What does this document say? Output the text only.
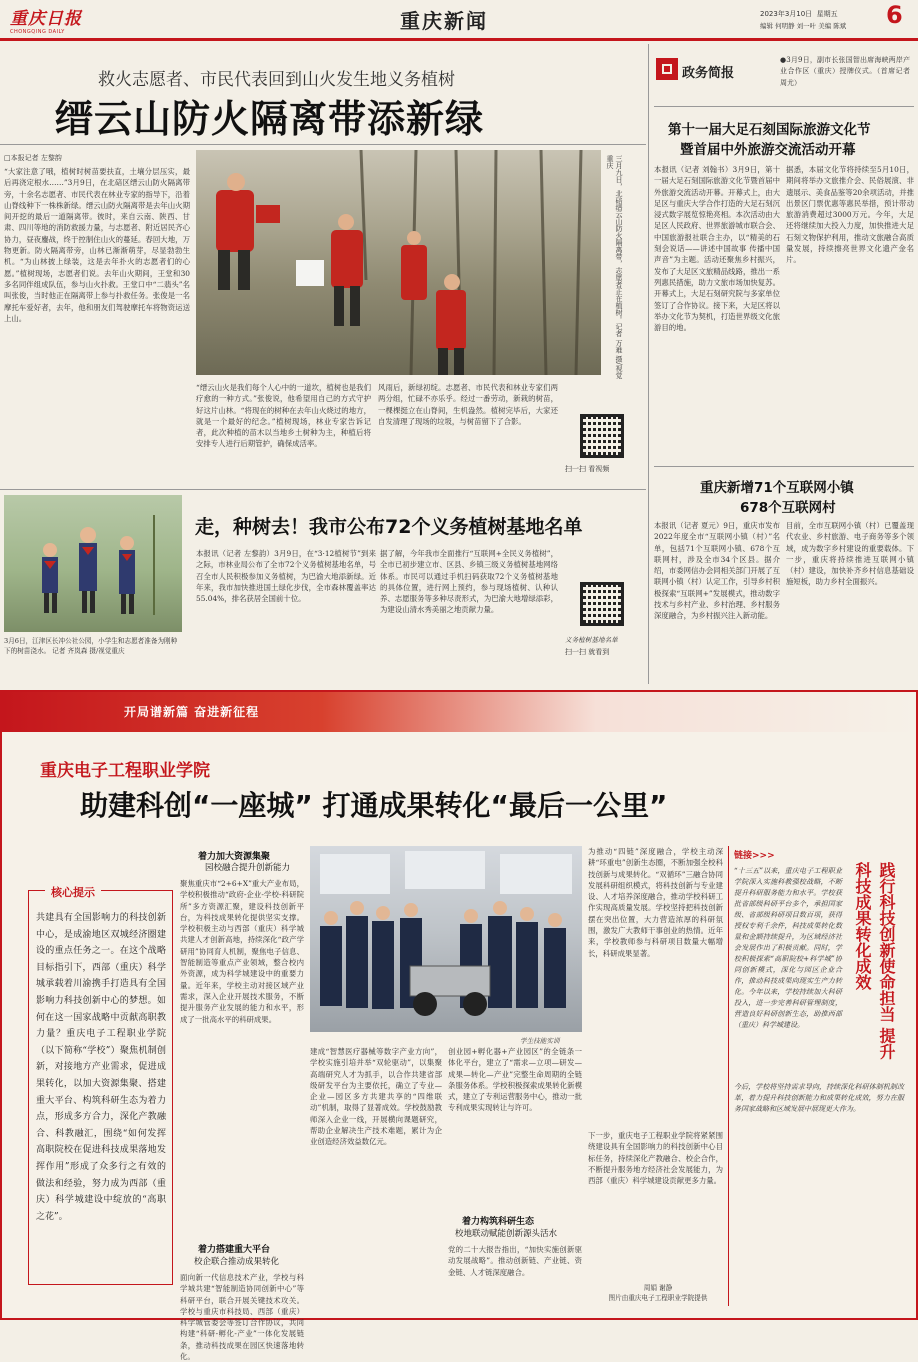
重庆日报
CHONGQING DAILY	重庆新闻	2023年3月10日 星期五
编辑 何明静 刘一叶 美编 陈斌 6
救火志愿者、市民代表回到山火发生地义务植树
缙云山防火隔离带添新绿
□本报记者 左黎韵
“大家注意了哦，植树时树苗要扶直，土壤分层压实，最后再浇定根水……”3月9日，在北碚区缙云山防火隔离带旁，十余名志愿者、市民代表在林业专家的指导下，沿着山脊线种下一株株新绿。缙云山防火隔离带是去年山火期间开挖的最后一道隔离带。彼时，来自云南、陕西、甘肃、四川等地的消防救援力量，与志愿者、附近居民齐心协力，昼夜鏖战，终于控制住山火的蔓延。春回大地，万物更新。防火隔离带旁，山林已渐渐萌芽，尽显勃勃生机。“为山林披上绿装，这是去年扑火的志愿者们的心愿。”植树现场，志愿者们说。去年山火期间，王堂和30多名同伴组成队伍，参与山火扑救。王堂口中“二翡头”名叫张俊，当时他正在隔离带上参与扑救任务。张俊是一名摩托车爱好者，去年，他和朋友们驾驶摩托车将物资运送上山。	三月九日，北碚缙云山防火隔离带，志愿者正在植树。记者 万难 摄/视觉重庆
“缙云山火是我们每个人心中的一道坎，植树也是我们疗愈的一种方式。”张俊说，他希望用自己的方式守护好这片山林。“将现在的树种在去年山火烧过的地方，就是一个最好的纪念。”植树现场，林业专家告诉记者，此次种植的苗木以当地乡土树种为主，种植后将安排专人进行后期管护，确保成活率。
风雨后，新绿初绽。志愿者、市民代表和林业专家们两两分组，忙碌不亦乐乎。经过一番劳动，新栽的树苗，一棵棵挺立在山脊间，生机盎然。植树完毕后，大家还自发清理了现场的垃圾，与树苗留下了合影。
扫一扫 看视频
3月6日，江津区长冲公社公园，小学生和志愿者准备为刚种下的树苗浇水。 记者 齐岚森 摄/视觉重庆
走，种树去！我市公布72个义务植树基地名单
本报讯（记者 左黎韵）3月9日，在“3·12植树节”到来之际，市林业局公布了全市72个义务植树基地名单，号召全市人民积极参加义务植树，为巴渝大地添新绿。近年来，我市加快推进国土绿化步伐，全市森林覆盖率达55.04%，排名获居全国前十位。
据了解，今年我市全面推行“互联网+全民义务植树”，全市已初步建立市、区县、乡镇三级义务植树基地网络体系。市民可以通过手机扫码获取72个义务植树基地的具体位置，进行网上预约，参与现场植树、认种认养、志愿服务等多种尽责形式，为巴渝大地增绿添彩，为建设山清水秀美丽之地贡献力量。
义务植树基地名单
扫一扫 就看到
政务简报
●3月9日，副市长张国智出席海峡两岸产业合作区（重庆）授牌仪式。（首席记者 周尤）
第十一届大足石刻国际旅游文化节
暨首届中外旅游交流活动开幕
本报讯（记者 刘翰书）3月9日，第十一届大足石刻国际旅游文化节暨首届中外旅游交流活动开幕。开幕式上，由大足区与重庆大学合作打造的大足石刻沉浸式数字展览惊艳亮相。本次活动由大足区人民政府、世界旅游城市联合会、中国旅游报社联合主办，以“精美的石刻会说话——讲述中国故事 传播中国声音”为主题。活动还聚焦乡村振兴，发布了大足区文旅精品线路，推出一系列惠民措施，助力文旅市场加快复苏。开幕式上，大足石刻研究院与多家单位签订了合作协议。接下来，大足区将以举办文化节为契机，打造世界级文化旅游目的地。
据悉，本届文化节将持续至5月10日，期间将举办文旅推介会、民俗展演、非遗展示、美食品鉴等20余项活动，并推出景区门票优惠等惠民举措，预计带动旅游消费超过3000万元。今年，大足还将继续加大投入力度，加快推进大足石刻文物保护利用，推动文旅融合高质量发展，持续擦亮世界文化遗产金名片。
重庆新增71个互联网小镇
678个互联网村
本报讯（记者 夏元）9日，重庆市发布2022年度全市“互联网小镇（村）”名单，包括71个互联网小镇、678个互联网村，涉及全市34个区县。据介绍，市委网信办会同相关部门开展了互联网小镇（村）认定工作，引导乡村积极探索“互联网+”发展模式，推动数字技术与乡村产业、乡村治理、乡村服务深度融合，为乡村振兴注入新动能。
目前，全市互联网小镇（村）已覆盖现代农业、乡村旅游、电子商务等多个领域，成为数字乡村建设的重要载体。下一步，重庆将持续推进互联网小镇（村）建设，加快补齐乡村信息基础设施短板，助力乡村全面振兴。
开局谱新篇 奋进新征程
重庆电子工程职业学院
助建科创“一座城” 打通成果转化“最后一公里”
核心提示
共建具有全国影响力的科技创新中心，是成渝地区双城经济圈建设的重点任务之一。在这个战略目标指引下，西部（重庆）科学城承载着川渝携手打造具有全国影响力科技创新中心的梦想。如何在这一国家战略中贡献高职教力量？重庆电子工程职业学院（以下简称“学校”）聚焦机制创新，对接地方产业需求，促进成果转化，以加大资源集聚、搭建重大平台、构筑科研生态为着力点，形成多方合力，深化产教融合、科教融汇，围绕“如何发挥高职院校在促进科技成果落地发挥作用”形成了众多行之有效的做法和经验，努力成为西部（重庆）科学城建设中绽放的“高职之花”。
着力加大资源集聚
园校融合提升创新能力
聚焦重庆市“2+6+X”重大产业布局，学校积极推动“政府-企业-学校-科研院所”多方资源汇聚，建设科技创新平台，为科技成果转化提供坚实支撑。学校积极主动与西部（重庆）科学城共建人才创新高地，持续深化“政产学研用”协同育人机制，聚焦电子信息、智能制造等重点产业领域，整合校内外资源，成为科学城建设中的重要力量。近年来，学校主动对接区域产业需求，深入企业开展技术服务，不断提升服务产业发展的能力和水平，形成了一批高水平的科研成果。
着力搭建重大平台
校企联合推动成果转化
面向新一代信息技术产业，学校与科学城共建“智能制造协同创新中心”等科研平台，联合开展关键技术攻关。学校与重庆市科技局、西部（重庆）科学城管委会等签订合作协议，共同构建“科研-孵化-产业”一体化发展链条，推动科技成果在园区快速落地转化。
学生技能实训
建成“智慧医疗器械等数字产业方向”，学校实施引培并举“双轮驱动”，以集聚高端研究人才为抓手，以合作共建省部级研发平台为主要依托，确立了专业—企业—园区多方共建共享的“四维联动”机制，取得了显著成效。学校鼓励教师深入企业一线，开展横向课题研究，帮助企业解决生产技术难题，累计为企业创造经济效益数亿元。
创业园+孵化器+产业园区”的全链条一体化平台，建立了“需求—立项—研发—成果—转化—产业”完整生命周期的全链条服务体系。学校积极探索成果转化新模式，建立了专利运营服务中心，推动一批专利成果实现转让与许可。
着力构筑科研生态
校地联动赋能创新源头活水
党的二十大报告指出，“加快实施创新驱动发展战略”。推动创新链、产业链、资金链、人才链深度融合。
为推动“四链”深度融合，学校主动深耕“环重电”创新生态圈，不断加强全校科技创新与成果转化。“双循环”三融合协同发展科研组织模式，将科技创新与专业建设、人才培养深度融合，推动学校科研工作实现高质量发展。学校坚持把科技创新摆在突出位置，大力营造浓厚的科研氛围，激发广大教师干事创业的热情。近年来，学校教师参与科研项目数量大幅增长，科研成果显著。
下一步，重庆电子工程职业学院将紧紧围绕建设具有全国影响力的科技创新中心目标任务，持续深化产教融合、校企合作，不断提升服务地方经济社会发展能力，为西部（重庆）科学城建设贡献更多力量。
周娟 谢静
图片由重庆电子工程职业学院提供
链接>>>
践行科技创新使命担当 提升科技成果转化成效
“十三五”以来，重庆电子工程职业学院深入实施科教强校战略，不断提升科研服务能力和水平。学校获批省部级科研平台多个，承担国家级、省部级科研项目数百项，获得授权专利千余件，科技成果转化数量和金额持续提升，为区域经济社会发展作出了积极贡献。同时，学校积极探索“高职院校+科学城”协同创新模式，深化与园区企业合作，推动科技成果向现实生产力转化。今年以来，学校持续加大科研投入，进一步完善科研管理制度，营造良好科研创新生态，助推西部（重庆）科学城建设。
今后，学校将坚持需求导向，持续深化科研体制机制改革，着力提升科技创新能力和成果转化成效，努力在服务国家战略和区域发展中展现更大作为。
